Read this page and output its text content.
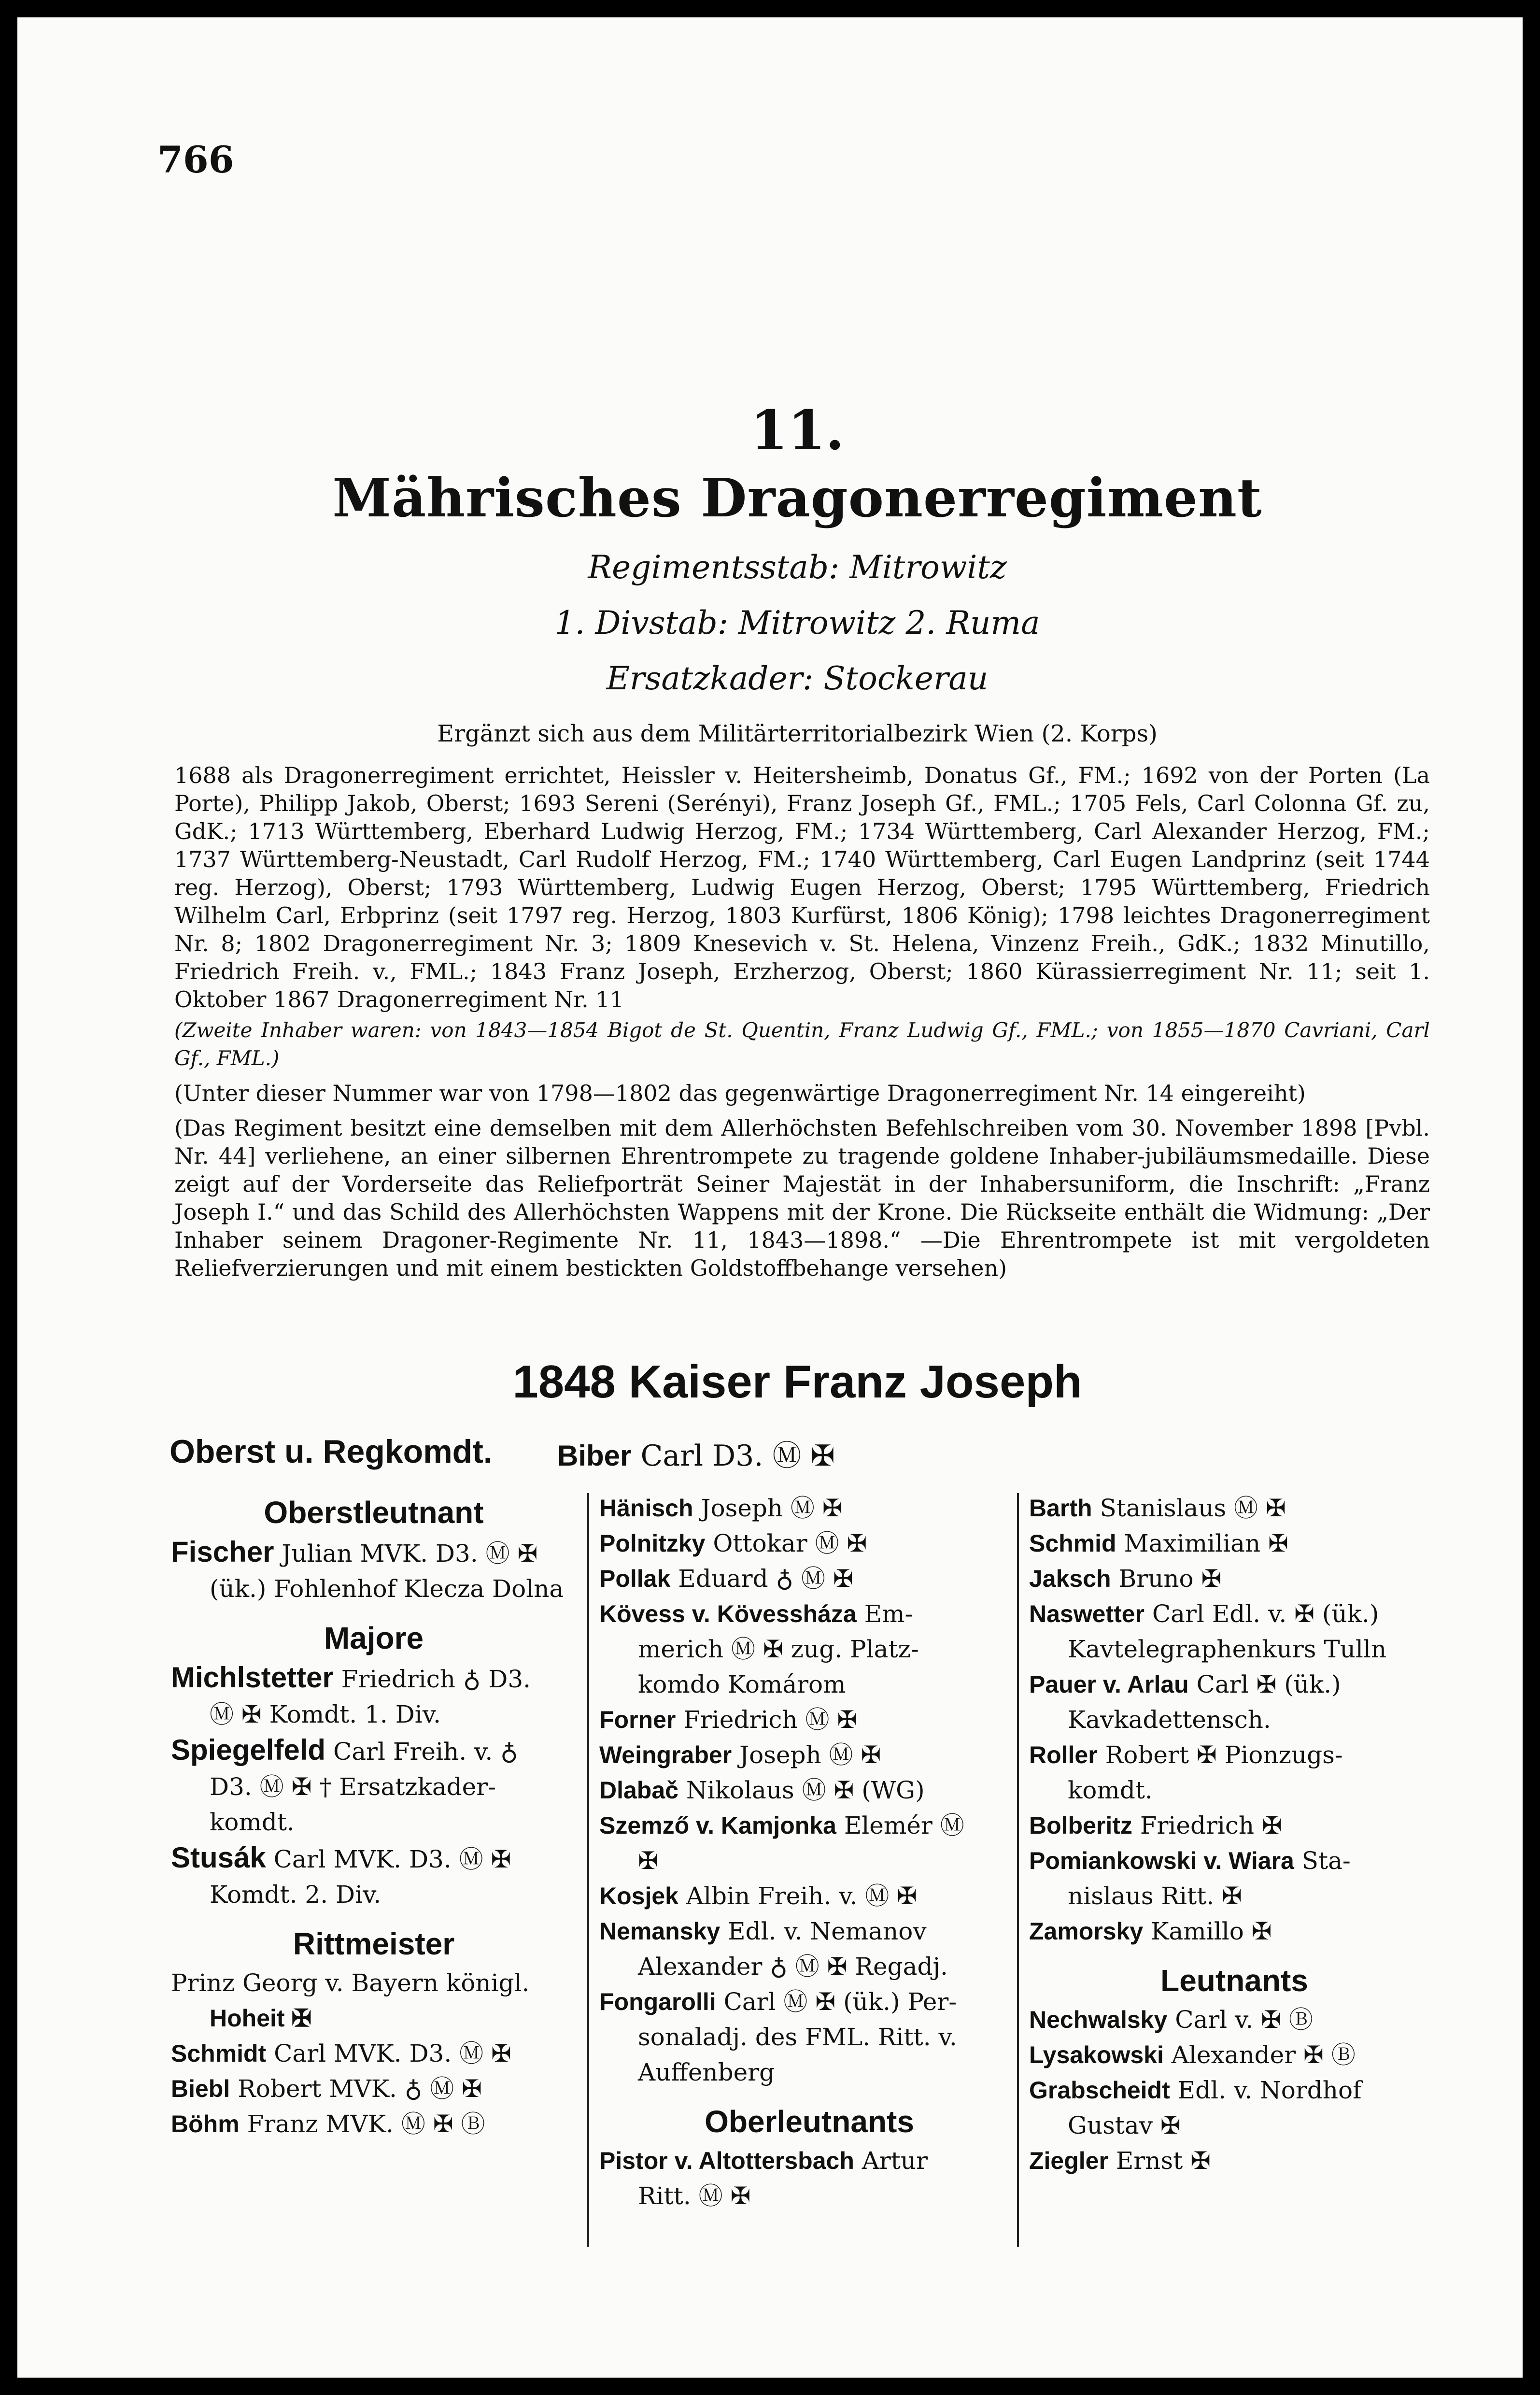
766
11.
Mährisches Dragonerregiment
Regimentsstab: Mitrowitz
1. Divstab: Mitrowitz 2. Ruma
Ersatzkader: Stockerau
Ergänzt sich aus dem Militärterritorialbezirk Wien (2. Korps)

1688 als Dragonerregiment errichtet, Heissler v. Heitersheimb, Donatus Gf., FM.; 1692 von der Porten (La Porte), Philipp Jakob, Oberst; 1693 Sereni (Serényi), Franz Joseph Gf., FML.; 1705 Fels, Carl Colonna Gf. zu, GdK.; 1713 Württemberg, Eberhard Ludwig Herzog, FM.; 1734 Württemberg, Carl Alexander Herzog, FM.; 1737 Württemberg-Neustadt, Carl Rudolf Herzog, FM.; 1740 Württemberg, Carl Eugen Landprinz (seit 1744 reg. Herzog), Oberst; 1793 Württemberg, Ludwig Eugen Herzog, Oberst; 1795 Württemberg, Friedrich Wilhelm Carl, Erbprinz (seit 1797 reg. Herzog, 1803 Kurfürst, 1806 König); 1798 leichtes Dragonerregiment Nr. 8; 1802 Dragonerregiment Nr. 3; 1809 Knesevich v. St. Helena, Vinzenz Freih., GdK.; 1832 Minutillo, Friedrich Freih. v., FML.; 1843 Franz Joseph, Erzherzog, Oberst; 1860 Kürassierregiment Nr. 11; seit 1. Oktober 1867 Dragonerregiment Nr. 11

(Zweite Inhaber waren: von 1843—1854 Bigot de St. Quentin, Franz Ludwig Gf., FML.; von 1855—1870 Cavriani, Carl Gf., FML.)

(Unter dieser Nummer war von 1798—1802 das gegenwärtige Dragonerregiment Nr. 14 eingereiht)

(Das Regiment besitzt eine demselben mit dem Allerhöchsten Befehlschreiben vom 30. November 1898 [Pvbl. Nr. 44] verliehene, an einer silbernen Ehrentrompete zu tragende goldene Inhaber-jubiläumsmedaille. Diese zeigt auf der Vorderseite das Reliefporträt Seiner Majestät in der Inhabersuniform, die Inschrift: „Franz Joseph I.“ und das Schild des Allerhöchsten Wappens mit der Krone. Die Rückseite enthält die Widmung: „Der Inhaber seinem Dragoner-Regimente Nr. 11, 1843—1898.“ —Die Ehrentrompete ist mit vergoldeten Reliefverzierungen und mit einem bestickten Goldstoffbehange versehen)

1848 Kaiser Franz Joseph
Oberst u. Regkomdt. Biber Carl D3. Ⓜ ✠
Oberstleutnant
Fischer Julian MVK. D3. Ⓜ ✠
(ük.) Fohlenhof Klecza Dolna
Majore
Michlstetter Friedrich ♁ D3.
Ⓜ ✠ Komdt. 1. Div.
Spiegelfeld Carl Freih. v. ♁
D3. Ⓜ ✠ † Ersatzkader-
komdt.
Stusák Carl MVK. D3. Ⓜ ✠
Komdt. 2. Div.
Rittmeister
Prinz Georg v. Bayern königl.
Hoheit ✠
Schmidt Carl MVK. D3. Ⓜ ✠
Biebl Robert MVK. ♁ Ⓜ ✠
Böhm Franz MVK. Ⓜ ✠ Ⓑ
Hänisch Joseph Ⓜ ✠
Polnitzky Ottokar Ⓜ ✠
Pollak Eduard ♁ Ⓜ ✠
Kövess v. Kövessháza Em-
merich Ⓜ ✠ zug. Platz-
komdo Komárom
Forner Friedrich Ⓜ ✠
Weingraber Joseph Ⓜ ✠
Dlabač Nikolaus Ⓜ ✠ (WG)
Szemző v. Kamjonka Elemér Ⓜ
✠
Kosjek Albin Freih. v. Ⓜ ✠
Nemansky Edl. v. Nemanov
Alexander ♁ Ⓜ ✠ Regadj.
Fongarolli Carl Ⓜ ✠ (ük.) Per-
sonaladj. des FML. Ritt. v.
Auffenberg
Oberleutnants
Pistor v. Altottersbach Artur
Ritt. Ⓜ ✠
Barth Stanislaus Ⓜ ✠
Schmid Maximilian ✠
Jaksch Bruno ✠
Naswetter Carl Edl. v. ✠ (ük.)
Kavtelegraphenkurs Tulln
Pauer v. Arlau Carl ✠ (ük.)
Kavkadettensch.
Roller Robert ✠ Pionzugs-
komdt.
Bolberitz Friedrich ✠
Pomiankowski v. Wiara Sta-
nislaus Ritt. ✠
Zamorsky Kamillo ✠
Leutnants
Nechwalsky Carl v. ✠ Ⓑ
Lysakowski Alexander ✠ Ⓑ
Grabscheidt Edl. v. Nordhof
Gustav ✠
Ziegler Ernst ✠
